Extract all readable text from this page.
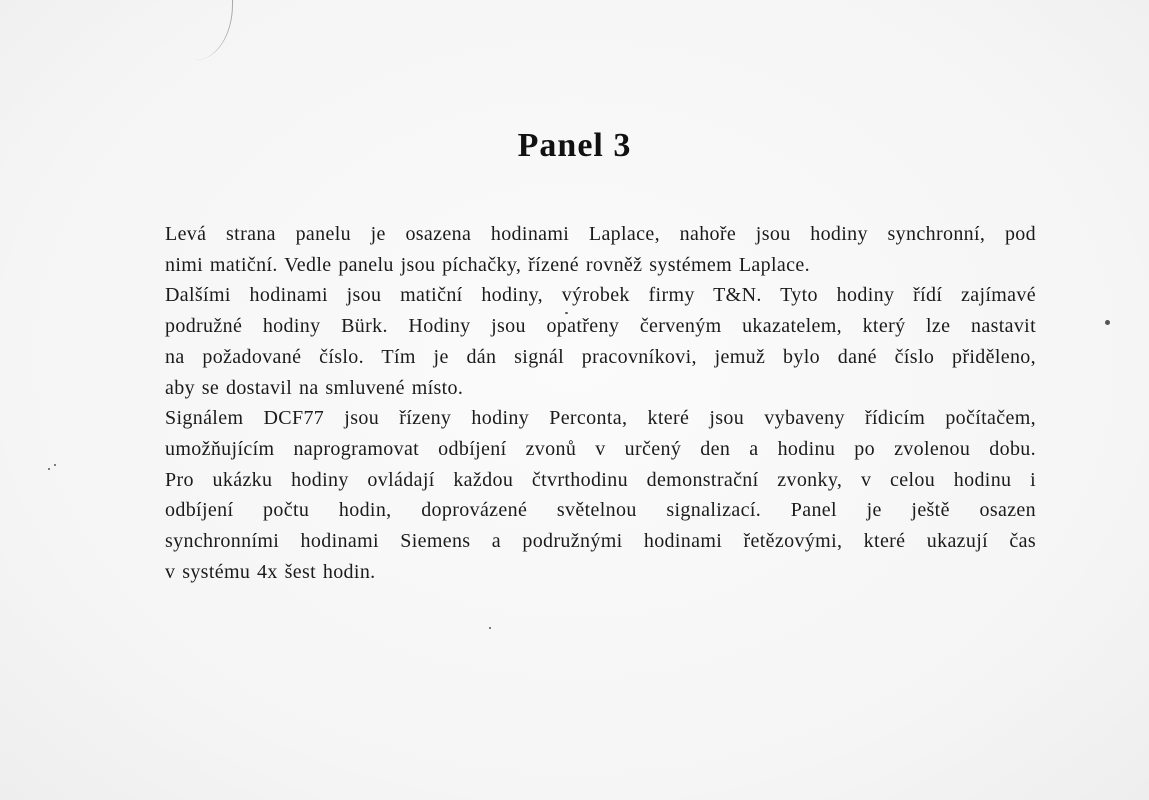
Panel 3
Levá strana panelu je osazena hodinami Laplace, nahoře jsou hodiny synchronní, pod
nimi matiční. Vedle panelu jsou píchačky, řízené rovněž systémem Laplace.
Dalšími hodinami jsou matiční hodiny, výrobek firmy T&N. Tyto hodiny řídí zajímavé
podružné hodiny Bürk. Hodiny jsou opatřeny červeným ukazatelem, který lze nastavit
na požadované číslo. Tím je dán signál pracovníkovi, jemuž bylo dané číslo přiděleno,
aby se dostavil na smluvené místo.
Signálem DCF77 jsou řízeny hodiny Perconta, které jsou vybaveny řídicím počítačem,
umožňujícím naprogramovat odbíjení zvonů v určený den a hodinu po zvolenou dobu.
Pro ukázku hodiny ovládají každou čtvrthodinu demonstrační zvonky, v celou hodinu i
odbíjení počtu hodin, doprovázené světelnou signalizací. Panel je ještě osazen
synchronními hodinami Siemens a podružnými hodinami řetězovými, které ukazují čas
v systému 4x šest hodin.
